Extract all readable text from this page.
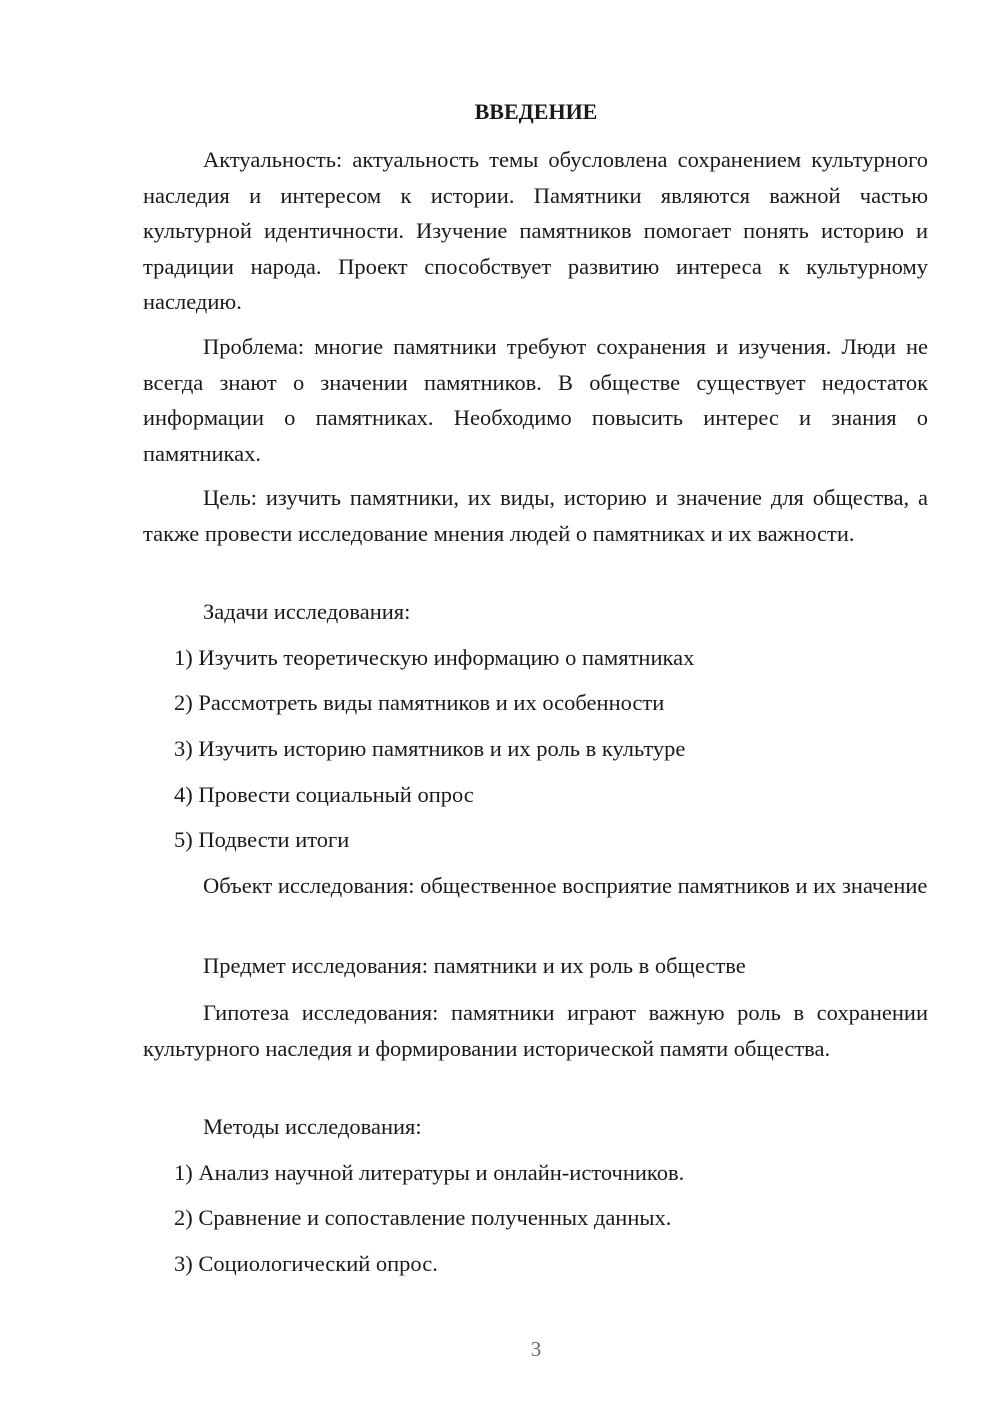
ВВЕДЕНИЕ

Актуальность: актуальность темы обусловлена сохранением культурного наследия и интересом к истории. Памятники являются важной частью культурной идентичности. Изучение памятников помогает понять историю и традиции народа. Проект способствует развитию интереса к культурному наследию.

Проблема: многие памятники требуют сохранения и изучения. Люди не всегда знают о значении памятников. В обществе существует недостаток информации о памятниках. Необходимо повысить интерес и знания о памятниках.

Цель: изучить памятники, их виды, историю и значение для общества, а также провести исследование мнения людей о памятниках и их важности.

Задачи исследования:

1) Изучить теоретическую информацию о памятниках

2) Рассмотреть виды памятников и их особенности

3) Изучить историю памятников и их роль в культуре

4) Провести социальный опрос

5) Подвести итоги

Объект исследования: общественное восприятие памятников и их значение

Предмет исследования: памятники и их роль в обществе

Гипотеза исследования: памятники играют важную роль в сохранении культурного наследия и формировании исторической памяти общества.

Методы исследования:

1) Анализ научной литературы и онлайн-источников.

2) Сравнение и сопоставление полученных данных.

3) Социологический опрос.

3
